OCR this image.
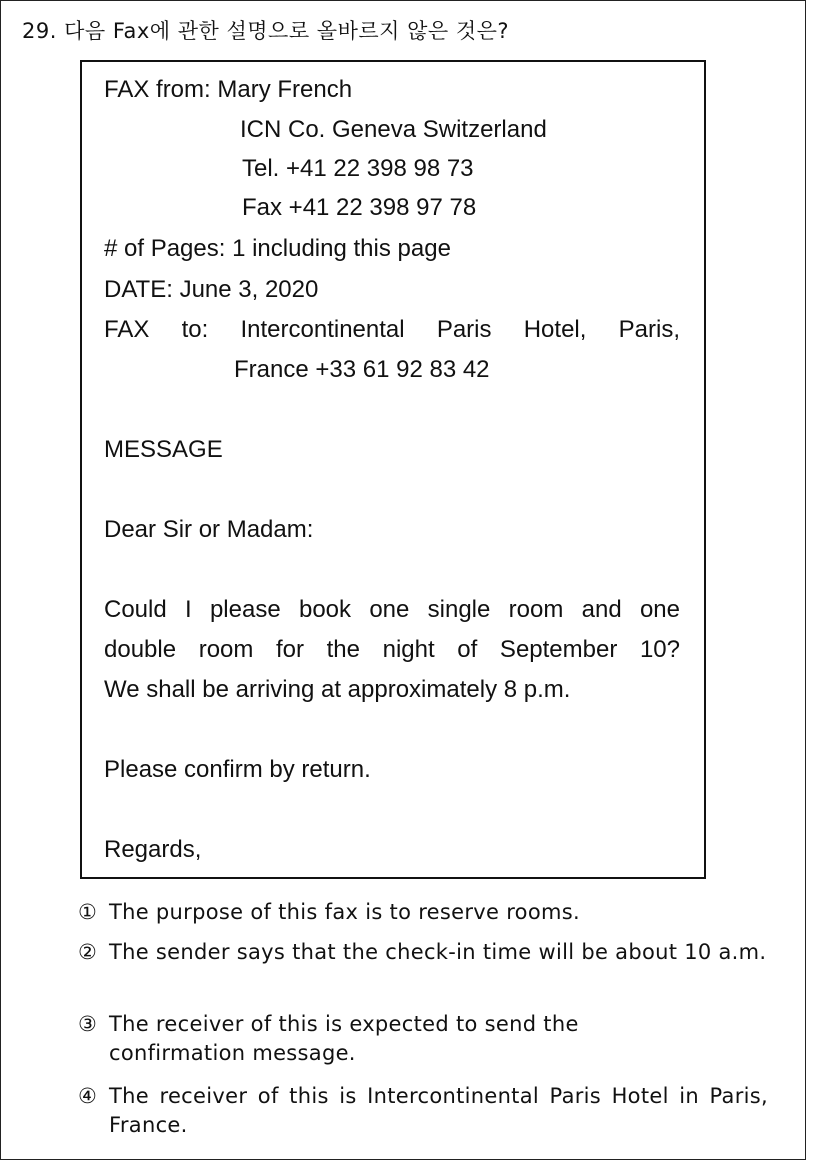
29. 다음 Fax에 관한 설명으로 올바르지 않은 것은?
FAX from: Mary French
ICN Co. Geneva Switzerland
Tel. +41 22 398 98 73
Fax +41 22 398 97 78
# of Pages: 1 including this page
DATE: June 3, 2020
FAX to: Intercontinental Paris Hotel, Paris,
France +33 61 92 83 42
MESSAGE
Dear Sir or Madam:
Could I please book one single room and one
double room for the night of September 10?
We shall be arriving at approximately 8 p.m.
Please confirm by return.
Regards,
① The purpose of this fax is to reserve rooms.
② The sender says that the check-in time will be about 10 a.m.
③ The receiver of this is expected to send the confirmation message.
④ The receiver of this is Intercontinental Paris Hotel in Paris, France.
